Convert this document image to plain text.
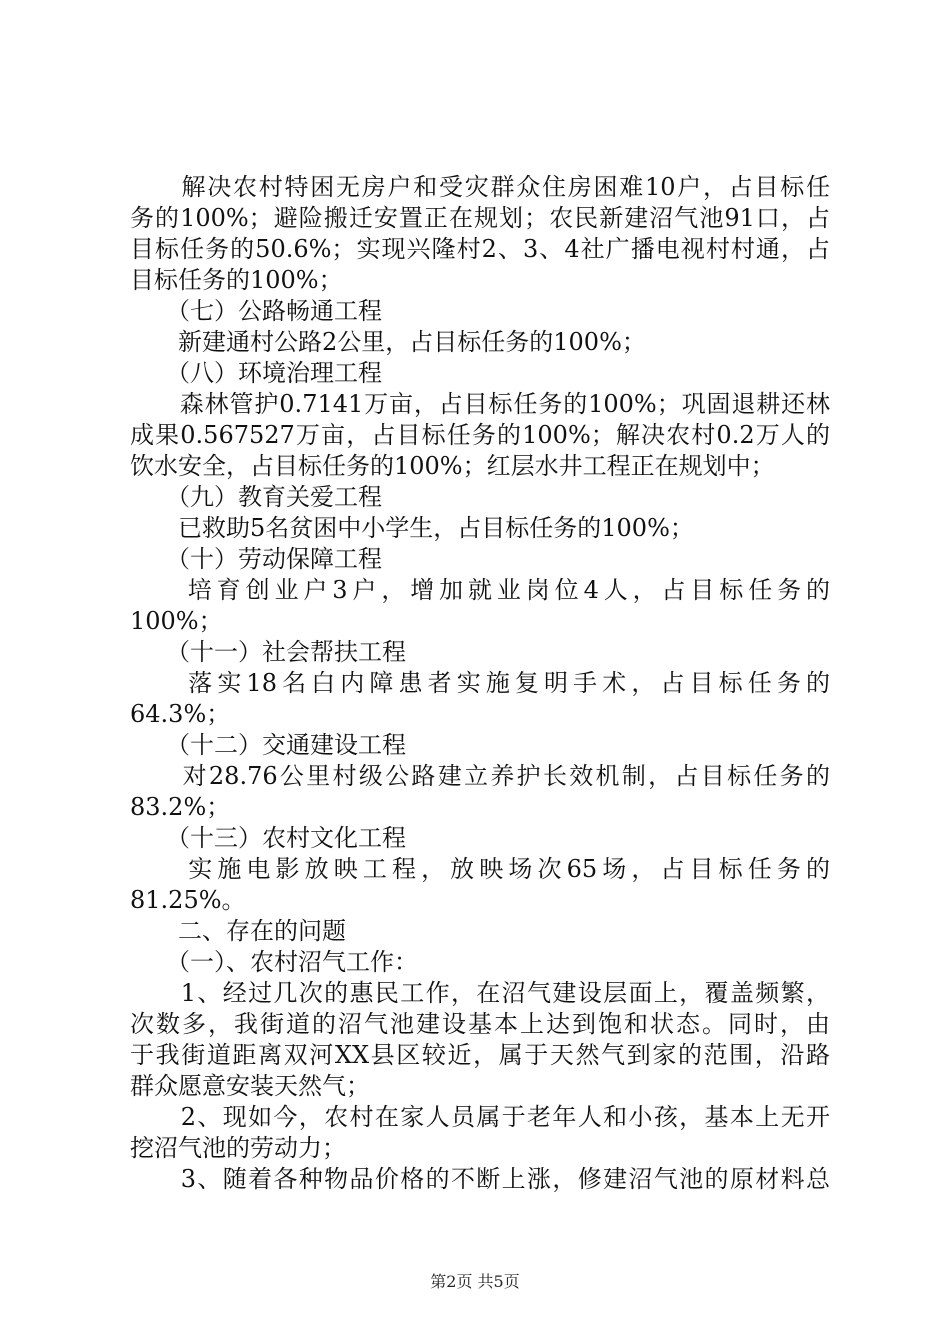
　　解决农村特困无房户和受灾群众住房困难10户，占目标任
务的100%；避险搬迁安置正在规划；农民新建沼气池91口，占
目标任务的50.6%；实现兴隆村2、3、4社广播电视村村通，占
目标任务的100%；
　　（七）公路畅通工程
　　新建通村公路2公里，占目标任务的100%；
　　（八）环境治理工程
　　森林管护0.7141万亩，占目标任务的100%；巩固退耕还林
成果0.567527万亩，占目标任务的100%；解决农村0.2万人的
饮水安全，占目标任务的100%；红层水井工程正在规划中；
　　（九）教育关爱工程
　　已救助5名贫困中小学生，占目标任务的100%；
　　（十）劳动保障工程
　　培育创业户3户，增加就业岗位4人，占目标任务的
100%；
　　（十一）社会帮扶工程
　　落实18名白内障患者实施复明手术，占目标任务的
64.3%；
　　（十二）交通建设工程
　　对28.76公里村级公路建立养护长效机制，占目标任务的
83.2%；
　　（十三）农村文化工程
　　实施电影放映工程，放映场次65场，占目标任务的
81.25%。
　　二、存在的问题
　　（一）、农村沼气工作：
　　1、经过几次的惠民工作，在沼气建设层面上，覆盖频繁，
次数多，我街道的沼气池建设基本上达到饱和状态。同时，由
于我街道距离双河XX县区较近，属于天然气到家的范围，沿路
群众愿意安装天然气；
　　2、现如今，农村在家人员属于老年人和小孩，基本上无开
挖沼气池的劳动力；
　　3、随着各种物品价格的不断上涨，修建沼气池的原材料总
第2页 共5页
